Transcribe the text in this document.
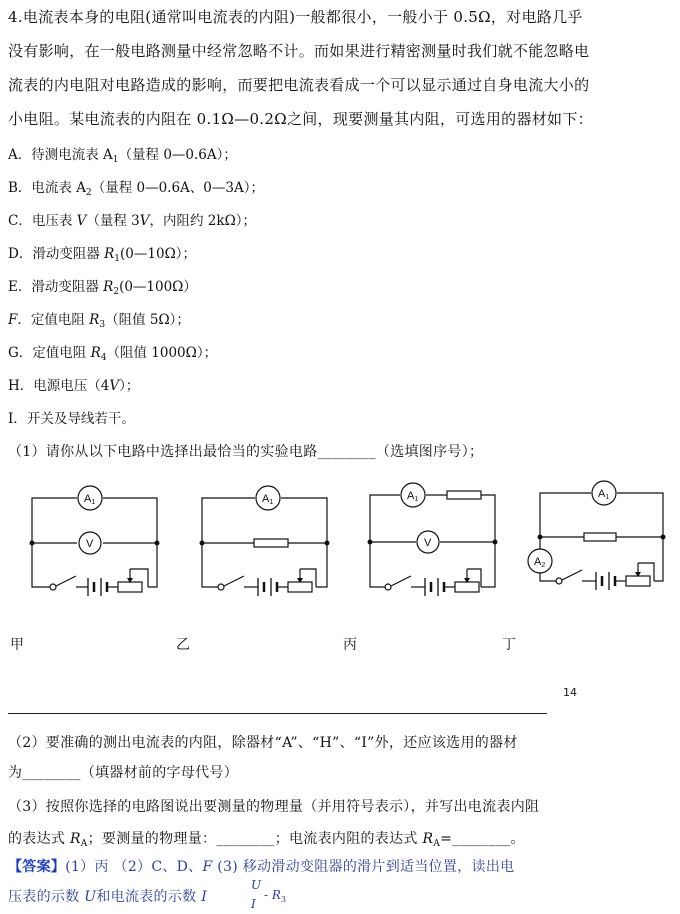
4.电流表本身的电阻(通常叫电流表的内阻)一般都很小，一般小于 0.5Ω，对电路几乎
没有影响，在一般电路测量中经常忽略不计。而如果进行精密测量时我们就不能忽略电
流表的内电阻对电路造成的影响，而要把电流表看成一个可以显示通过自身电流大小的
小电阻。某电流表的内阻在 0.1Ω—0.2Ω之间，现要测量其内阻，可选用的器材如下：
A．待测电流表 $A_1$（量程 0—0.6A）；
B．电流表 $A_2$（量程 0—0.6A、0—3A）；
C．电压表 V（量程 3V，内阻约 2kΩ）；
D．滑动变阻器 $R_1(0—10\Omega)$；
E．滑动变阻器 $R_2(0—100\Omega)$
F．定值电阻 $R_3$（阻值 5Ω）；
G．定值电阻 $R_4$（阻值 1000Ω）；
H．电源电压（4V）；
I．开关及导线若干。
（1）请你从以下电路中选择出最恰当的实验电路________（选填图序号）；
A1
V
A1
A1
V
A1
A2
甲	乙	丙	丁
14
（2）要准确的测出电流表的内阻，除器材“A”、“H”、“I”外，还应该选用的器材
为________（填器材前的字母代号）
（3）按照你选择的电路图说出要测量的物理量（并用符号表示），并写出电流表内阻
的表达式 $R_A$；要测量的物理量：________；电流表内阻的表达式 $R_A=\_\_\_\_\_\_\_\_$。
【答案】(1）丙 （2）C、D、F (3) 移动滑动变阻器的滑片到适当位置，读出电
压表的示数 U和电流表的示数 I
U
I
- $R_3$
